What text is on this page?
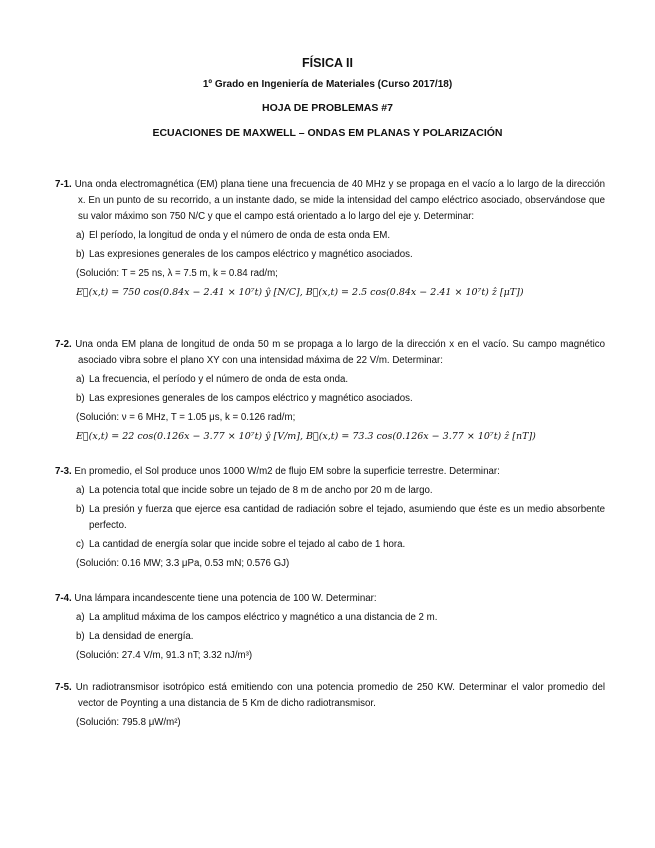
FÍSICA II
1º Grado en Ingeniería de Materiales (Curso 2017/18)
HOJA DE PROBLEMAS #7
ECUACIONES DE MAXWELL – ONDAS EM PLANAS Y POLARIZACIÓN

7-1. Una onda electromagnética (EM) plana tiene una frecuencia de 40 MHz y se propaga en el vacío a lo largo de la dirección x. En un punto de su recorrido, a un instante dado, se mide la intensidad del campo eléctrico asociado, observándose que su valor máximo son 750 N/C y que el campo está orientado a lo largo del eje y. Determinar:

a) El período, la longitud de onda y el número de onda de esta onda EM.
b) Las expresiones generales de los campos eléctrico y magnético asociados.
(Solución: T = 25 ns, λ = 7.5 m, k = 0.84 rad/m;
E⃗(x,t) = 750 cos(0.84x − 2.41 × 10⁷t) ŷ [N/C], B⃗(x,t) = 2.5 cos(0.84x − 2.41 × 10⁷t) ẑ [μT])

7-2. Una onda EM plana de longitud de onda 50 m se propaga a lo largo de la dirección x en el vacío. Su campo magnético asociado vibra sobre el plano XY con una intensidad máxima de 22 V/m. Determinar:

a) La frecuencia, el período y el número de onda de esta onda.
b) Las expresiones generales de los campos eléctrico y magnético asociados.
(Solución: ν = 6 MHz, T = 1.05 μs, k = 0.126 rad/m;
E⃗(x,t) = 22 cos(0.126x − 3.77 × 10⁷t) ŷ [V/m], B⃗(x,t) = 73.3 cos(0.126x − 3.77 × 10⁷t) ẑ [nT])

7-3. En promedio, el Sol produce unos 1000 W/m2 de flujo EM sobre la superficie terrestre. Determinar:

a) La potencia total que incide sobre un tejado de 8 m de ancho por 20 m de largo.
b) La presión y fuerza que ejerce esa cantidad de radiación sobre el tejado, asumiendo que éste es un medio absorbente perfecto.
c) La cantidad de energía solar que incide sobre el tejado al cabo de 1 hora.
(Solución: 0.16 MW; 3.3 μPa, 0.53 mN; 0.576 GJ)

7-4. Una lámpara incandescente tiene una potencia de 100 W. Determinar:

a) La amplitud máxima de los campos eléctrico y magnético a una distancia de 2 m.
b) La densidad de energía.
(Solución: 27.4 V/m, 91.3 nT; 3.32 nJ/m³)

7-5. Un radiotransmisor isotrópico está emitiendo con una potencia promedio de 250 KW. Determinar el valor promedio del vector de Poynting a una distancia de 5 Km de dicho radiotransmisor.

(Solución: 795.8 μW/m²)
